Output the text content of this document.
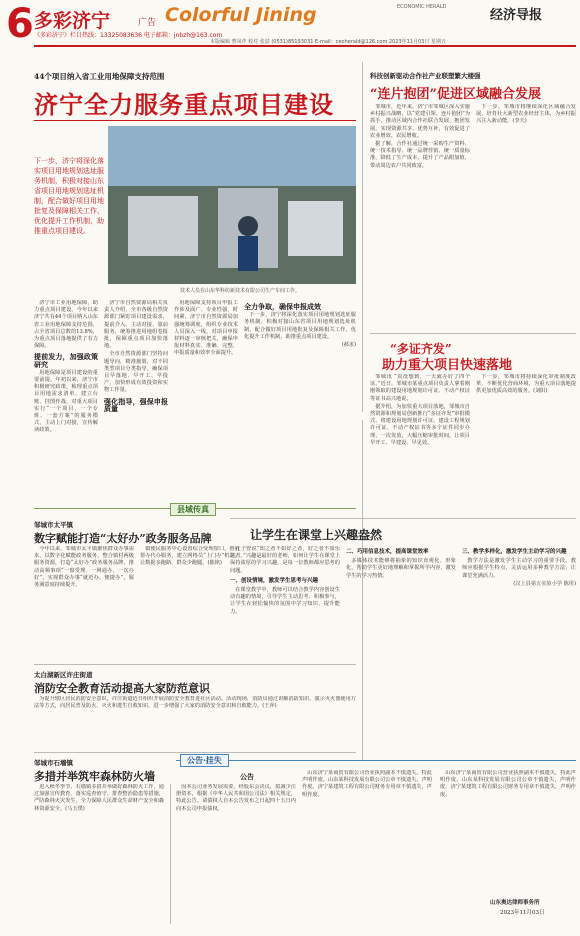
6 多彩济宁	广告 Colorful Jining	ECONOMIC HERALD
经济导报
《多彩济宁》栏目热线：13325083636 电子邮箱：jnbzh@163.com
本版编辑 曹凤芹 校对 张喆 (0531)85193031 E-mail：ceoherald@126.com 2023年11月03日 星期五
44个项目纳入省工业用地保障支持范围
济宁全力服务重点项目建设
下一步，济宁将深化落实项目用地规划选址服务机制，积极对接山东省项目用地规划选址机制，配合做好项目用地批复及保障相关工作，优化提升工作机制，助推重点项目建设。
技术人员在山东华科纺新技术有限公司生产车间工作。

济宁市工业用地保障，助力重点项目建设。今年以来济宁共有44个项目纳入山东省工业用地保障支持范围，占全省项目总数的13.8%，为重点项目落地提供了有力保障。

提前发力，加强政策研究

用地保障是项目建设的重要前提。年初以来，济宁市积极研究政策，梳理重点项目用地需求清单，建立台账、挂图作战，对重大项目实行“一个项目、一个专班、一套方案”的服务模式，主动上门对接，宣传解读政策。

济宁市自然资源局相关负责人介绍，全市各级自然资源部门紧盯项目建设需求，提前介入、主动对接、靠前服务，统筹推进用地组卷报批，保障重点项目加快落地。

全市自然资源部门坚持问题导向，精准施策，对不同类型项目分类指导，确保项目早落地、早开工、早投产，加快形成有效投资和实物工作量。

强化指导，强保申报质量

用地保障支持项目申报工作涉及面广、专业性强、时间紧。济宁市自然资源局加强统筹调度，组织专业技术人员深入一线，对项目申报材料逐一审核把关，确保申报材料真实、准确、完整，申报质量和效率全面提升。

全力争取，确保申报成效

下一步，济宁将深化落实项目用地规划选址服务机制，积极对接山东省项目用地规划选址机制，配合做好项目用地批复及保障相关工作，优化提升工作机制，助推重点项目建设。

(郝求)

科技创新驱动合作社产业联塑繁大楼强
“连片抱团”促进区域融合发展

邹城市，近年来，济宁市邹城区深入实施乡村振兴战略，以“党建引领、连片抱团”为抓手，推动区域内合作社联合发展、抱团发展，实现资源共享、优势互补，有效促进了农业增效、农民增收。

据了解，合作社通过统一采购生产资料、统一技术指导、统一品牌营销、统一质量标准，降低了生产成本，提升了产品附加值，带动周边农户共同致富。

下一步，邹城市将继续深化区域融合发展，培育壮大新型农业经营主体，为乡村振兴注入新动能。(李天)

“多证齐发”
助力重大项目快速落地

邹城讯 “真没想到，一天就办好了四个证。”近日，邹城市某重点项目负责人拿着刚刚领取的建设用地规划许可证、不动产权证等证书高兴地说。

据介绍，为加快重大项目落地，邹城市自然资源和规划局创新推行“多证齐发”审批模式，将建设用地规划许可证、建设工程规划许可证、不动产权证书等多个证件同步办理、一次发放，大幅压缩审批时间，让项目早开工、早建设、早见效。

下一步，邹城市将持续深化审批制度改革，不断优化营商环境，为重大项目落地提供更加优质高效的服务。(刘阳)

县域传真
邹城市太平镇
数字赋能打造“太好办”政务服务品牌

今年以来，邹城市太平镇聚焦群众办事需求，以数字化赋能政务服务，整合镇村两级服务资源，打造“太好办”政务服务品牌，推动高频事项“一窗受理、一网通办、一次办好”，实现群众办事“就近办、便捷办”，服务满意度持续提升。

镇便民服务中心设置综合受理窗口，推行帮办代办服务，建立网格员“上门办”机制，让数据多跑路、群众少跑腿。(陈铭)

太白湖新区许庄街道
消防安全教育活动提高大家防范意识

为提升辖区居民消防安全意识，许庄街道近日组织开展消防安全教育进社区活动。活动现场，消防员通过讲解消防知识、演示灭火器使用方法等方式，向居民普及防火、灭火和逃生自救知识，进一步增强了大家的消防安全意识和自救能力。(王萍)

邹城市石墙镇
多措并举筑牢森林防火墙

进入秋冬季节，石墙镇多措并举做好森林防火工作，通过加强宣传教育、落实巡查值守、排查整治隐患等措施，严防森林火灾发生，全力保障人民群众生命财产安全和森林资源安全。(马玉璞)

让学生在课堂上兴趣盎然

孔子曾说“知之者不如好之者，好之者不如乐之者。”兴趣是最好的老师，如何让学生在课堂上保持浓厚的学习兴趣，是每一位教师都应思考的问题。

一、创设情境，激发学生思考与兴趣

在课堂教学中，教师可以结合教学内容创设生动有趣的情境，引导学生主动思考、积极参与，让学生在轻松愉快的氛围中学习知识、提升能力。

二、巧用信息技术，提高课堂效率

多媒体技术能够将抽象的知识直观化、形象化，帮助学生更好地理解和掌握所学内容，激发学生的学习热情。

三、教学多样化，激发学生主动学习的兴趣

教学方法是激发学生主动学习的重要手段。教师应根据学生特点，灵活运用多种教学方法，让课堂充满活力。

(汶上县第五实验小学 陈彤)

公告·挂失
公告

因本公司业务发展需要，经股东会决议，拟减少注册资本，根据《中华人民共和国公司法》相关规定，特此公告。请债权人自本公告发布之日起四十五日内向本公司申报债权。

山东济宁某商贸有限公司营业执照副本不慎遗失，特此声明作废。山东某科技发展有限公司公章不慎遗失，声明作废。济宁某建筑工程有限公司财务专用章不慎遗失，声明作废。

山东济宁某商贸有限公司营业执照副本不慎遗失，特此声明作废。山东某科技发展有限公司公章不慎遗失，声明作废。济宁某建筑工程有限公司财务专用章不慎遗失，声明作废。

山东奥达律师事务所
2023年11月03日
